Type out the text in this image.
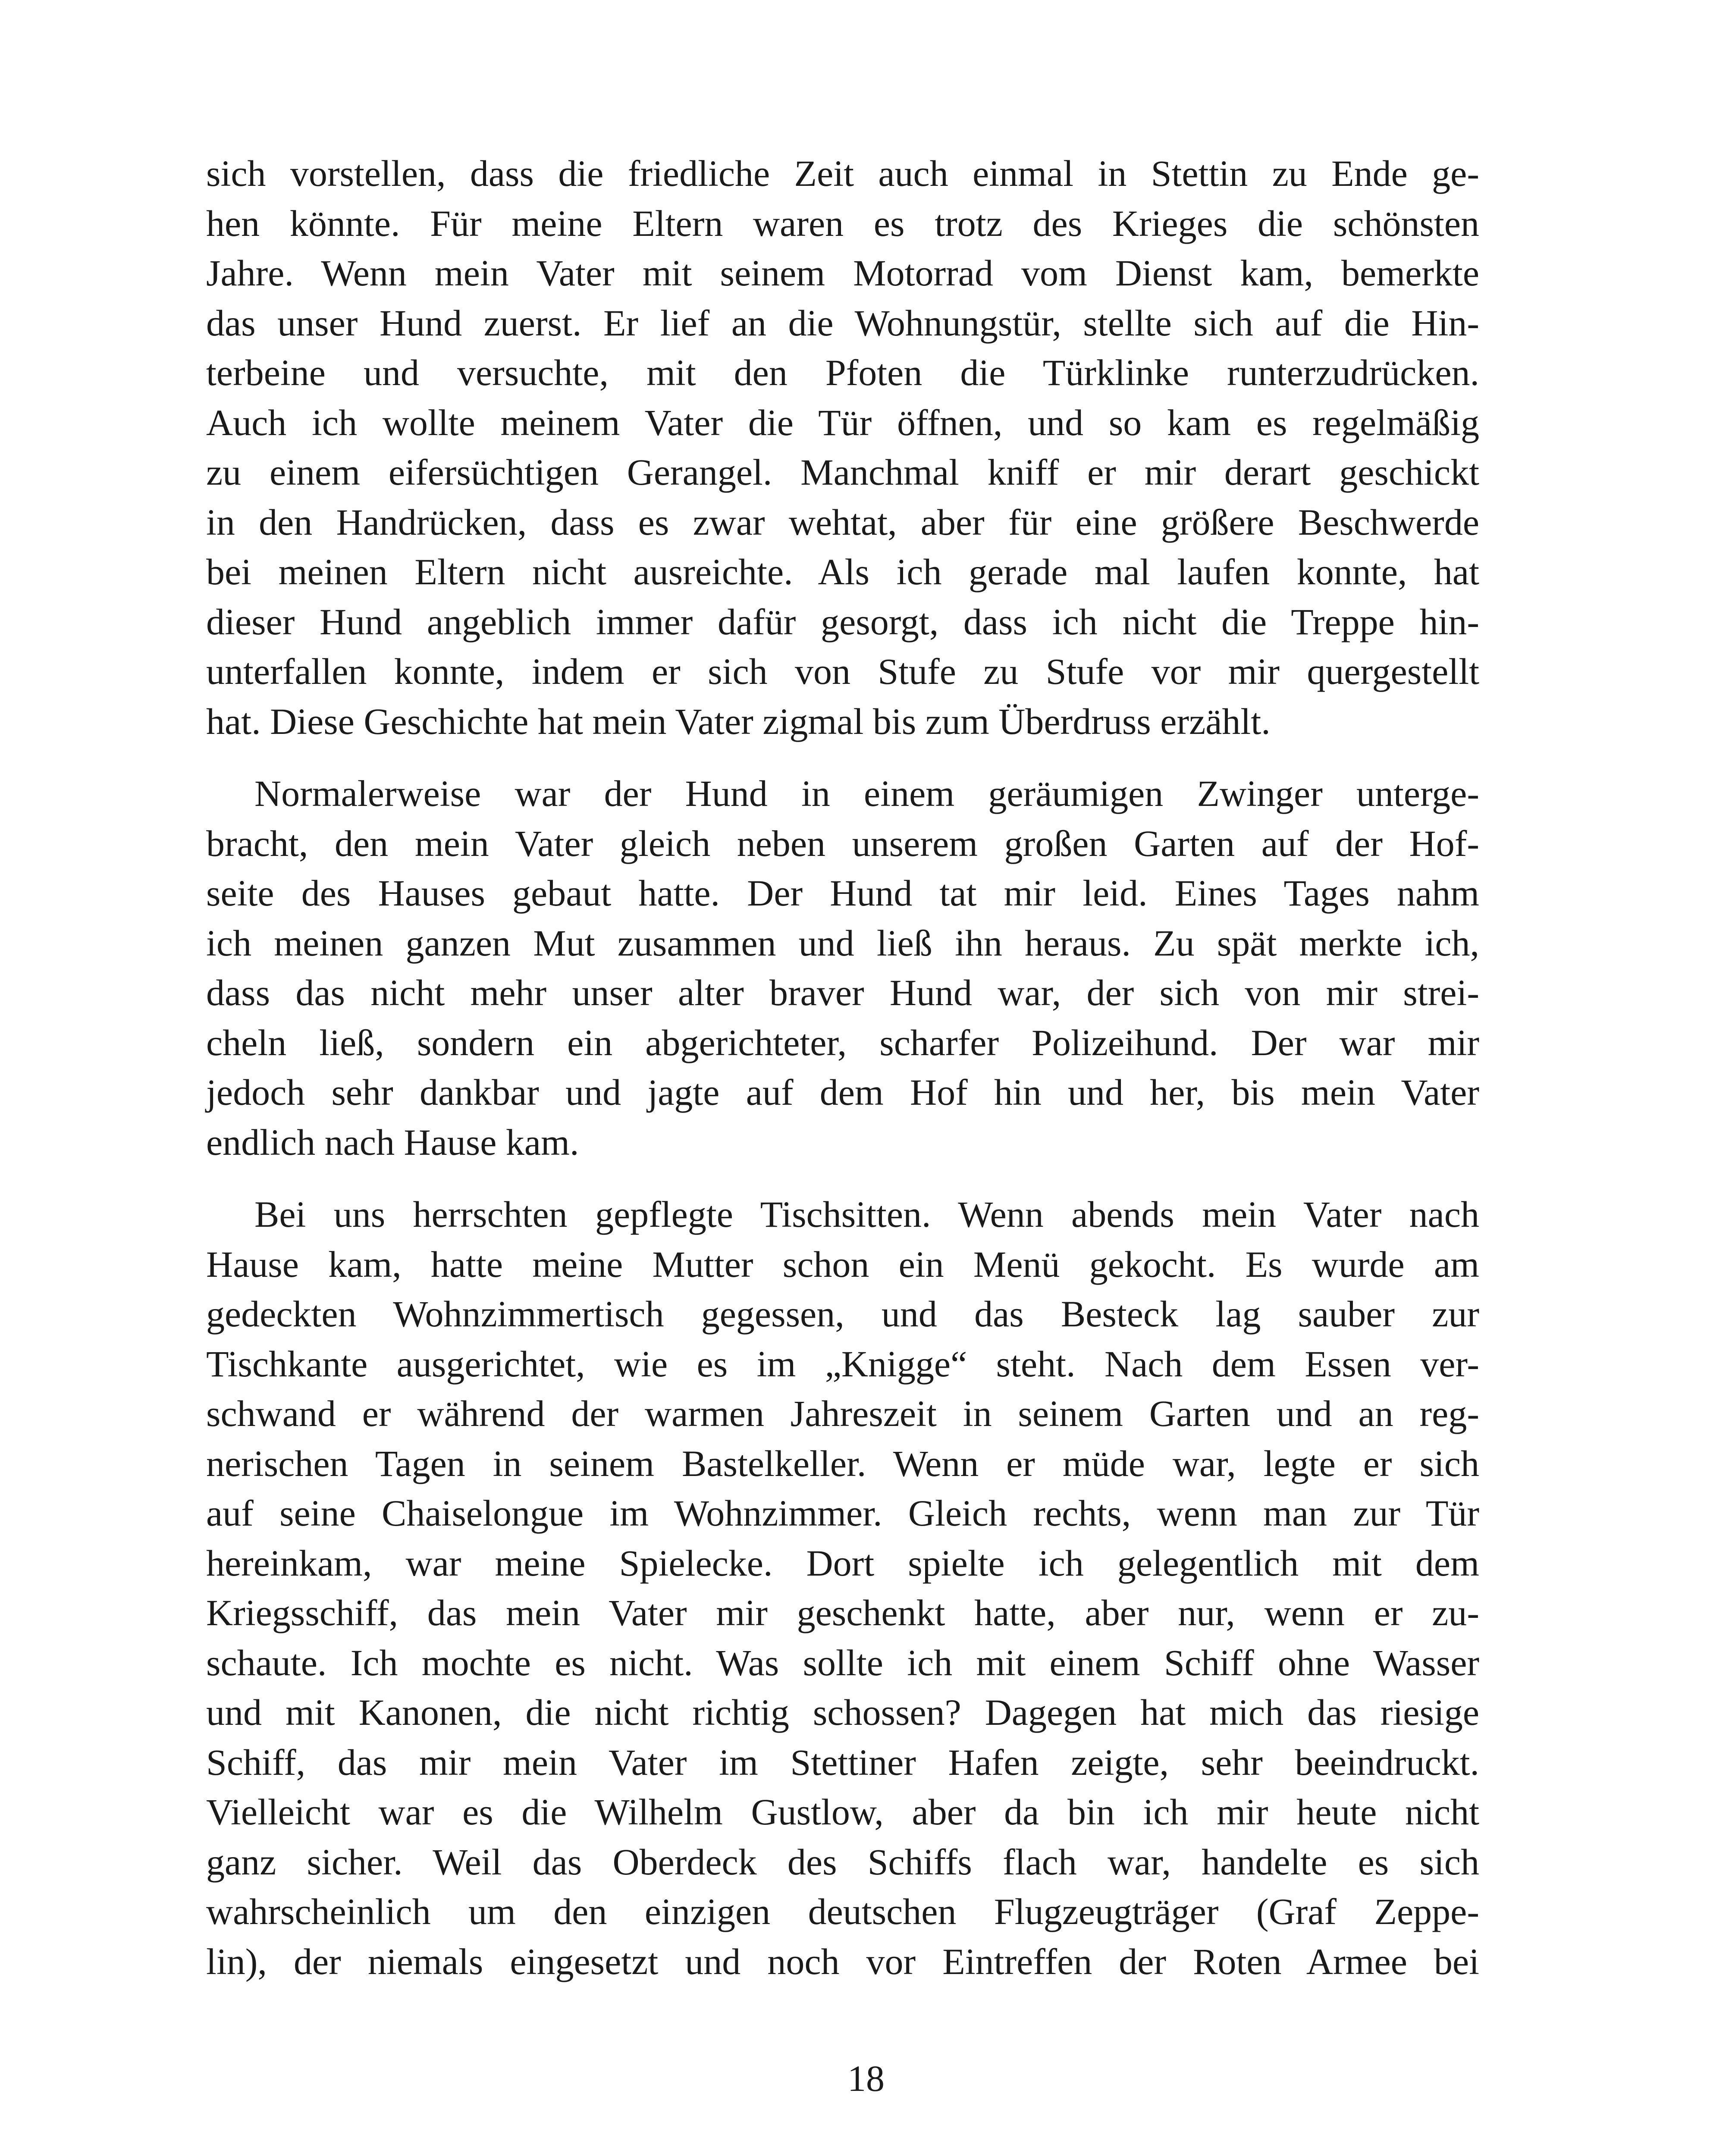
sich vorstellen, dass die friedliche Zeit auch einmal in Stettin zu Ende ge-
hen könnte. Für meine Eltern waren es trotz des Krieges die schönsten
Jahre. Wenn mein Vater mit seinem Motorrad vom Dienst kam, bemerkte
das unser Hund zuerst. Er lief an die Wohnungstür, stellte sich auf die Hin-
terbeine und versuchte, mit den Pfoten die Türklinke runterzudrücken.
Auch ich wollte meinem Vater die Tür öffnen, und so kam es regelmäßig
zu einem eifersüchtigen Gerangel. Manchmal kniff er mir derart geschickt
in den Handrücken, dass es zwar wehtat, aber für eine größere Beschwerde
bei meinen Eltern nicht ausreichte. Als ich gerade mal laufen konnte, hat
dieser Hund angeblich immer dafür gesorgt, dass ich nicht die Treppe hin-
unterfallen konnte, indem er sich von Stufe zu Stufe vor mir quergestellt
hat. Diese Geschichte hat mein Vater zigmal bis zum Überdruss erzählt.
Normalerweise war der Hund in einem geräumigen Zwinger unterge-
bracht, den mein Vater gleich neben unserem großen Garten auf der Hof-
seite des Hauses gebaut hatte. Der Hund tat mir leid. Eines Tages nahm
ich meinen ganzen Mut zusammen und ließ ihn heraus. Zu spät merkte ich,
dass das nicht mehr unser alter braver Hund war, der sich von mir strei-
cheln ließ, sondern ein abgerichteter, scharfer Polizeihund. Der war mir
jedoch sehr dankbar und jagte auf dem Hof hin und her, bis mein Vater
endlich nach Hause kam.
Bei uns herrschten gepflegte Tischsitten. Wenn abends mein Vater nach
Hause kam, hatte meine Mutter schon ein Menü gekocht. Es wurde am
gedeckten Wohnzimmertisch gegessen, und das Besteck lag sauber zur
Tischkante ausgerichtet, wie es im „Knigge“ steht. Nach dem Essen ver-
schwand er während der warmen Jahreszeit in seinem Garten und an reg-
nerischen Tagen in seinem Bastelkeller. Wenn er müde war, legte er sich
auf seine Chaiselongue im Wohnzimmer. Gleich rechts, wenn man zur Tür
hereinkam, war meine Spielecke. Dort spielte ich gelegentlich mit dem
Kriegsschiff, das mein Vater mir geschenkt hatte, aber nur, wenn er zu-
schaute. Ich mochte es nicht. Was sollte ich mit einem Schiff ohne Wasser
und mit Kanonen, die nicht richtig schossen? Dagegen hat mich das riesige
Schiff, das mir mein Vater im Stettiner Hafen zeigte, sehr beeindruckt.
Vielleicht war es die Wilhelm Gustlow, aber da bin ich mir heute nicht
ganz sicher. Weil das Oberdeck des Schiffs flach war, handelte es sich
wahrscheinlich um den einzigen deutschen Flugzeugträger (Graf Zeppe-
lin), der niemals eingesetzt und noch vor Eintreffen der Roten Armee bei
18
